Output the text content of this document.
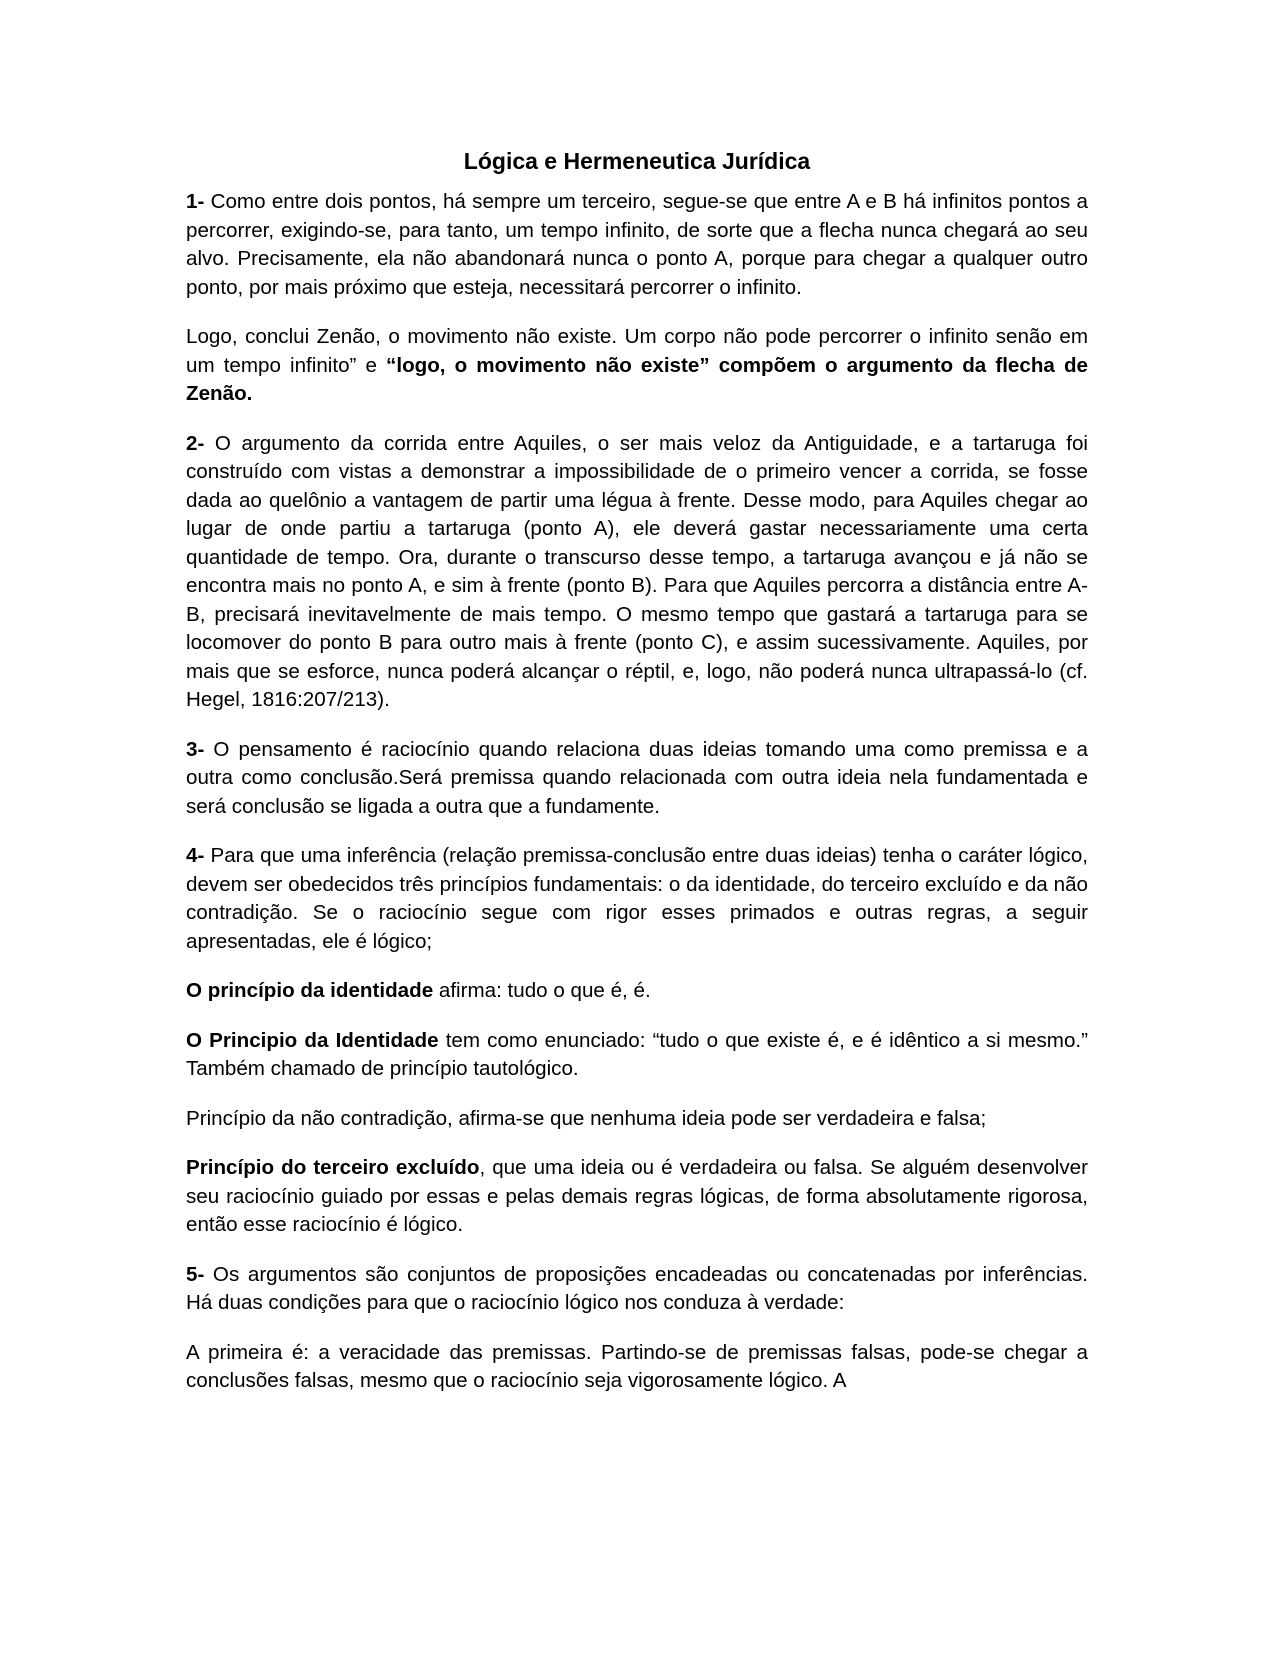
Lógica e Hermeneutica Jurídica

1- Como entre dois pontos, há sempre um terceiro, segue-se que entre A e B há infinitos pontos a percorrer, exigindo-se, para tanto, um tempo infinito, de sorte que a flecha nunca chegará ao seu alvo. Precisamente, ela não abandonará nunca o ponto A, porque para chegar a qualquer outro ponto, por mais próximo que esteja, necessitará percorrer o infinito.

Logo, conclui Zenão, o movimento não existe. Um corpo não pode percorrer o infinito senão em um tempo infinito” e “logo, o movimento não existe” compõem o argumento da flecha de Zenão.

2- O argumento da corrida entre Aquiles, o ser mais veloz da Antiguidade, e a tartaruga foi construído com vistas a demonstrar a impossibilidade de o primeiro vencer a corrida, se fosse dada ao quelônio a vantagem de partir uma légua à frente. Desse modo, para Aquiles chegar ao lugar de onde partiu a tartaruga (ponto A), ele deverá gastar necessariamente uma certa quantidade de tempo. Ora, durante o transcurso desse tempo, a tartaruga avançou e já não se encontra mais no ponto A, e sim à frente (ponto B). Para que Aquiles percorra a distância entre A-B, precisará inevitavelmente de mais tempo. O mesmo tempo que gastará a tartaruga para se locomover do ponto B para outro mais à frente (ponto C), e assim sucessivamente. Aquiles, por mais que se esforce, nunca poderá alcançar o réptil, e, logo, não poderá nunca ultrapassá-lo (cf. Hegel, 1816:207/213).

3- O pensamento é raciocínio quando relaciona duas ideias tomando uma como premissa e a outra como conclusão.Será premissa quando relacionada com outra ideia nela fundamentada e será conclusão se ligada a outra que a fundamente.

4- Para que uma inferência (relação premissa-conclusão entre duas ideias) tenha o caráter lógico, devem ser obedecidos três princípios fundamentais: o da identidade, do terceiro excluído e da não contradição. Se o raciocínio segue com rigor esses primados e outras regras, a seguir apresentadas, ele é lógico;

O princípio da identidade afirma: tudo o que é, é.

O Principio da Identidade tem como enunciado: “tudo o que existe é, e é idêntico a si mesmo.” Também chamado de princípio tautológico.

Princípio da não contradição, afirma-se que nenhuma ideia pode ser verdadeira e falsa;

Princípio do terceiro excluído, que uma ideia ou é verdadeira ou falsa. Se alguém desenvolver seu raciocínio guiado por essas e pelas demais regras lógicas, de forma absolutamente rigorosa, então esse raciocínio é lógico.

5- Os argumentos são conjuntos de proposições encadeadas ou concatenadas por inferências. Há duas condições para que o raciocínio lógico nos conduza à verdade:

A primeira é: a veracidade das premissas. Partindo-se de premissas falsas, pode-se chegar a conclusões falsas, mesmo que o raciocínio seja vigorosamente lógico. A
